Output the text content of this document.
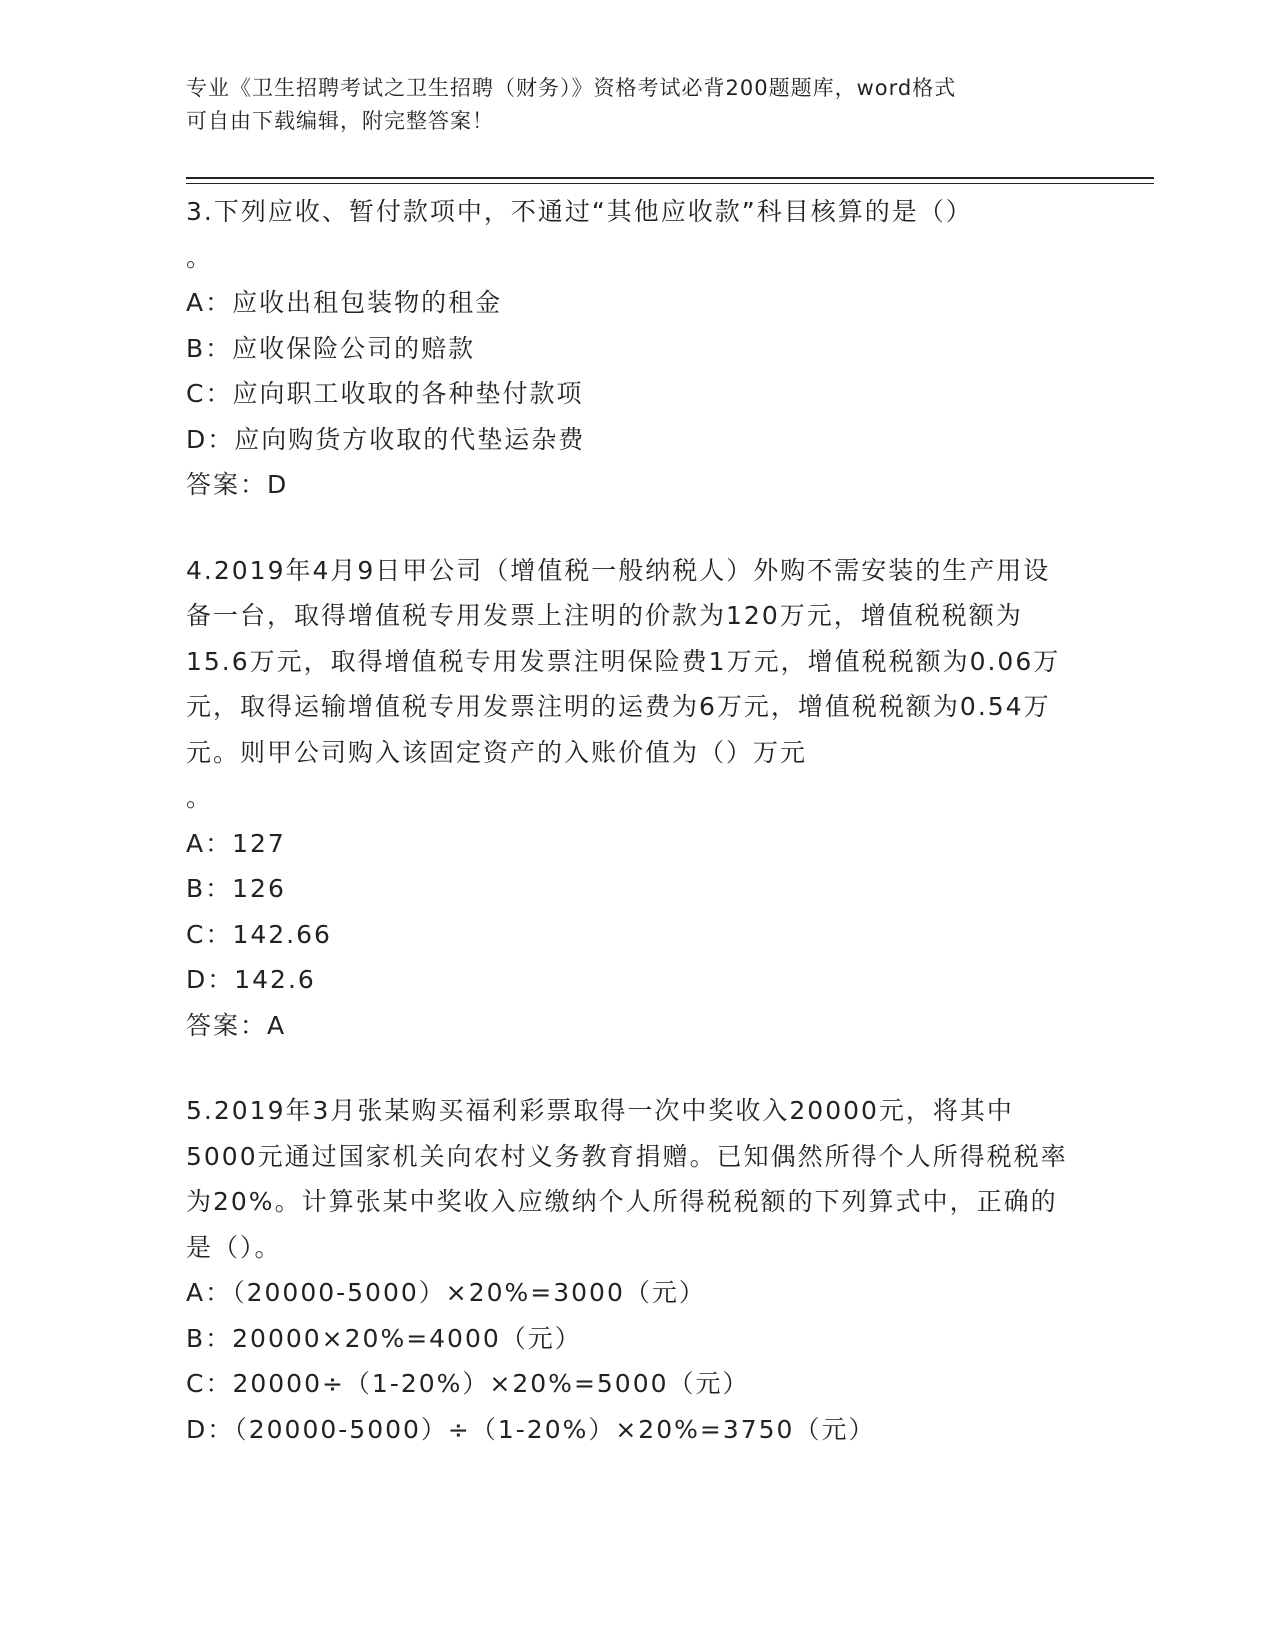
专业《卫生招聘考试之卫生招聘（财务）》资格考试必背200题题库，word格式
可自由下载编辑，附完整答案！
3.下列应收、暂付款项中，不通过“其他应收款”科目核算的是（）
。
A：应收出租包装物的租金
B：应收保险公司的赔款
C：应向职工收取的各种垫付款项
D：应向购货方收取的代垫运杂费
答案：D
4.2019年4月9日甲公司（增值税一般纳税人）外购不需安装的生产用设备一台，取得增值税专用发票上注明的价款为120万元，增值税税额为15.6万元，取得增值税专用发票注明保险费1万元，增值税税额为0.06万元，取得运输增值税专用发票注明的运费为6万元，增值税税额为0.54万元。则甲公司购入该固定资产的入账价值为（）万元
。
A：127
B：126
C：142.66
D：142.6
答案：A
5.2019年3月张某购买福利彩票取得一次中奖收入20000元，将其中5000元通过国家机关向农村义务教育捐赠。已知偶然所得个人所得税税率为20%。计算张某中奖收入应缴纳个人所得税税额的下列算式中，正确的是（）。
A：（20000-5000）×20%=3000（元）
B：20000×20%=4000（元）
C：20000÷（1-20%）×20%=5000（元）
D：（20000-5000）÷（1-20%）×20%=3750（元）
